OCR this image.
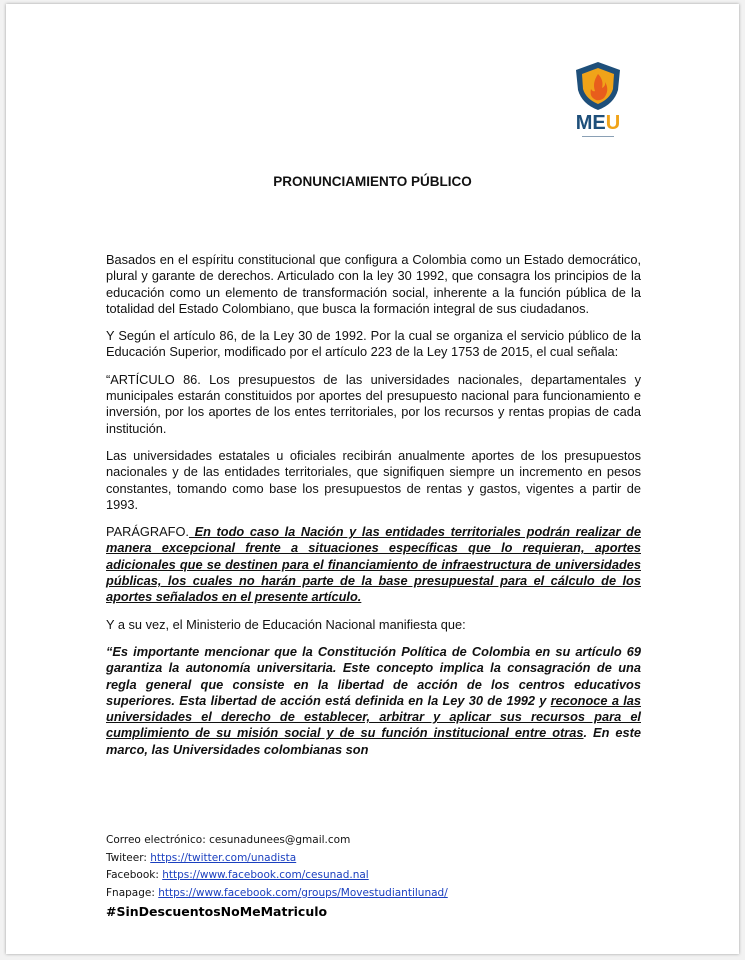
MEU
PRONUNCIAMIENTO PÚBLICO

Basados en el espíritu constitucional que configura a Colombia como un Estado democrático, plural y garante de derechos. Articulado con la ley 30 1992, que consagra los principios de la educación como un elemento de transformación social, inherente a la función pública de la totalidad del Estado Colombiano, que busca la formación integral de sus ciudadanos.

Y Según el artículo 86, de la Ley 30 de 1992. Por la cual se organiza el servicio público de la Educación Superior, modificado por el artículo 223 de la Ley 1753 de 2015, el cual señala:

“ARTÍCULO 86. Los presupuestos de las universidades nacionales, departamentales y municipales estarán constituidos por aportes del presupuesto nacional para funcionamiento e inversión, por los aportes de los entes territoriales, por los recursos y rentas propias de cada institución.

Las universidades estatales u oficiales recibirán anualmente aportes de los presupuestos nacionales y de las entidades territoriales, que signifiquen siempre un incremento en pesos constantes, tomando como base los presupuestos de rentas y gastos, vigentes a partir de 1993.

PARÁGRAFO. En todo caso la Nación y las entidades territoriales podrán realizar de manera excepcional frente a situaciones específicas que lo requieran, aportes adicionales que se destinen para el financiamiento de infraestructura de universidades públicas, los cuales no harán parte de la base presupuestal para el cálculo de los aportes señalados en el presente artículo.

Y a su vez, el Ministerio de Educación Nacional manifiesta que:

“Es importante mencionar que la Constitución Política de Colombia en su artículo 69 garantiza la autonomía universitaria. Este concepto implica la consagración de una regla general que consiste en la libertad de acción de los centros educativos superiores. Esta libertad de acción está definida en la Ley 30 de 1992 y reconoce a las universidades el derecho de establecer, arbitrar y aplicar sus recursos para el cumplimiento de su misión social y de su función institucional entre otras. En este marco, las Universidades colombianas son

Correo electrónico: cesunadunees@gmail.com
Twiteer: https://twitter.com/unadista
Facebook: https://www.facebook.com/cesunad.nal
Fnapage: https://www.facebook.com/groups/Movestudiantilunad/
#SinDescuentosNoMeMatriculo
